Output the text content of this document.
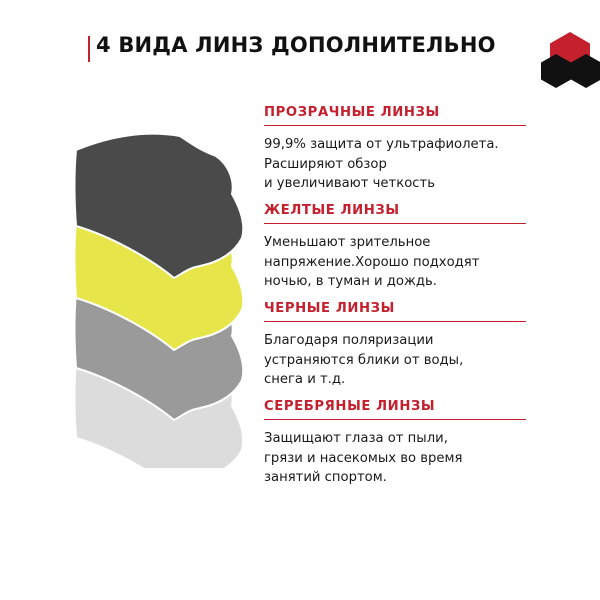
4 ВИДА ЛИНЗ ДОПОЛНИТЕЛЬНО
ПРОЗРАЧНЫЕ ЛИНЗЫ
99,9% защита от ультрафиолета.
Расширяют обзор
и увеличивают четкость
ЖЕЛТЫЕ ЛИНЗЫ
Уменьшают зрительное
напряжение.Хорошо подходят
ночью, в туман и дождь.
ЧЕРНЫЕ ЛИНЗЫ
Благодаря поляризации
устраняются блики от воды,
снега и т.д.
СЕРЕБРЯНЫЕ ЛИНЗЫ
Защищают глаза от пыли,
грязи и насекомых во время
занятий спортом.
